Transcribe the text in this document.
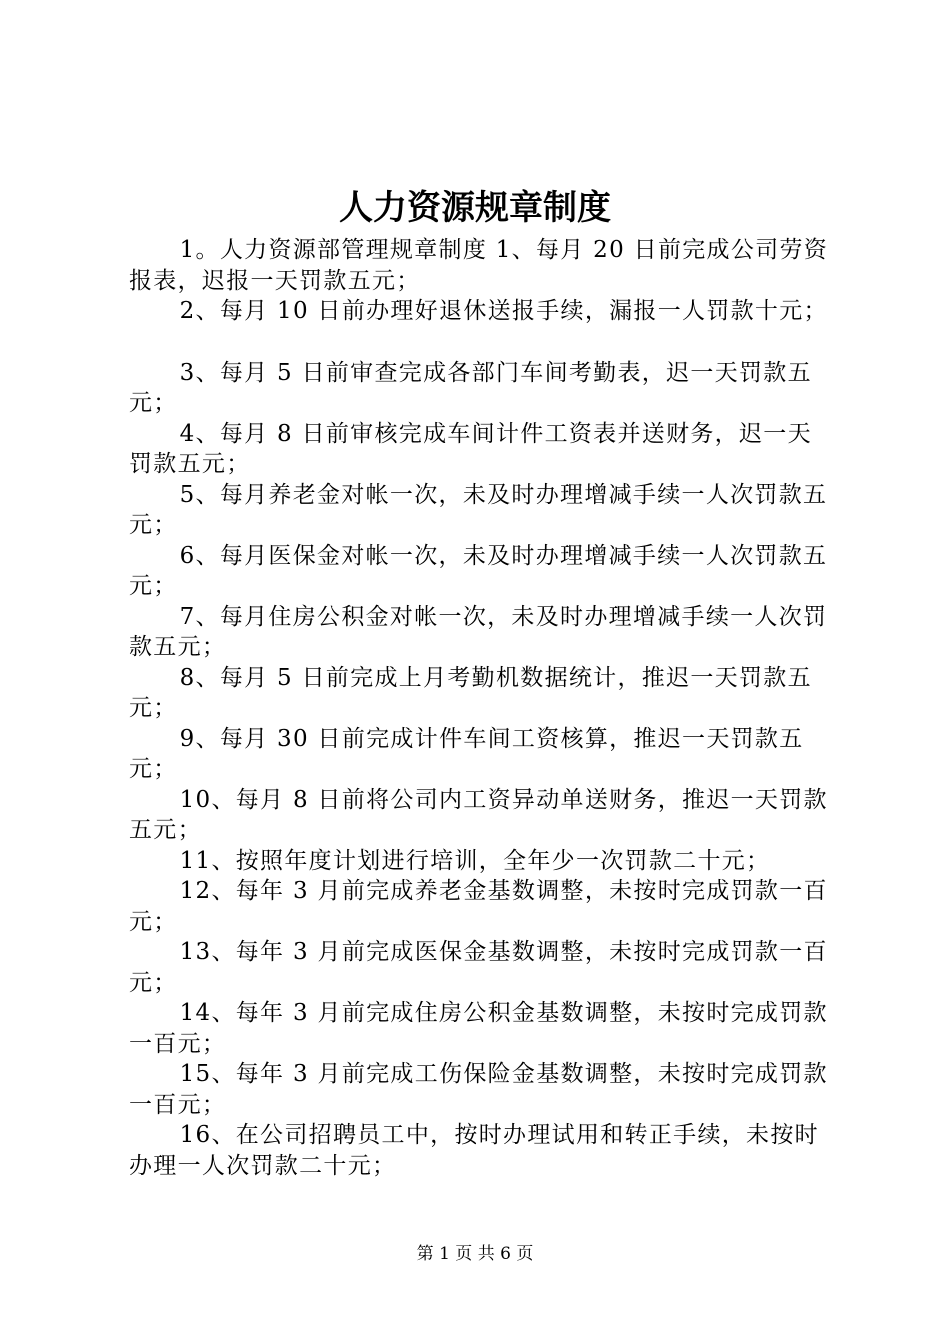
人力资源规章制度

1。人力资源部管理规章制度 1、每月 20 日前完成公司劳资报表，迟报一天罚款五元；

2、每月 10 日前办理好退休送报手续，漏报一人罚款十元；

3、每月 5 日前审查完成各部门车间考勤表，迟一天罚款五元；

4、每月 8 日前审核完成车间计件工资表并送财务，迟一天罚款五元；

5、每月养老金对帐一次，未及时办理增减手续一人次罚款五元；

6、每月医保金对帐一次，未及时办理增减手续一人次罚款五元；

7、每月住房公积金对帐一次，未及时办理增减手续一人次罚款五元；

8、每月 5 日前完成上月考勤机数据统计，推迟一天罚款五元；

9、每月 30 日前完成计件车间工资核算，推迟一天罚款五元；

10、每月 8 日前将公司内工资异动单送财务，推迟一天罚款五元；

11、按照年度计划进行培训，全年少一次罚款二十元；

12、每年 3 月前完成养老金基数调整，未按时完成罚款一百元；

13、每年 3 月前完成医保金基数调整，未按时完成罚款一百元；

14、每年 3 月前完成住房公积金基数调整，未按时完成罚款一百元；

15、每年 3 月前完成工伤保险金基数调整，未按时完成罚款一百元；

16、在公司招聘员工中，按时办理试用和转正手续，未按时办理一人次罚款二十元；

第 1 页 共 6 页
